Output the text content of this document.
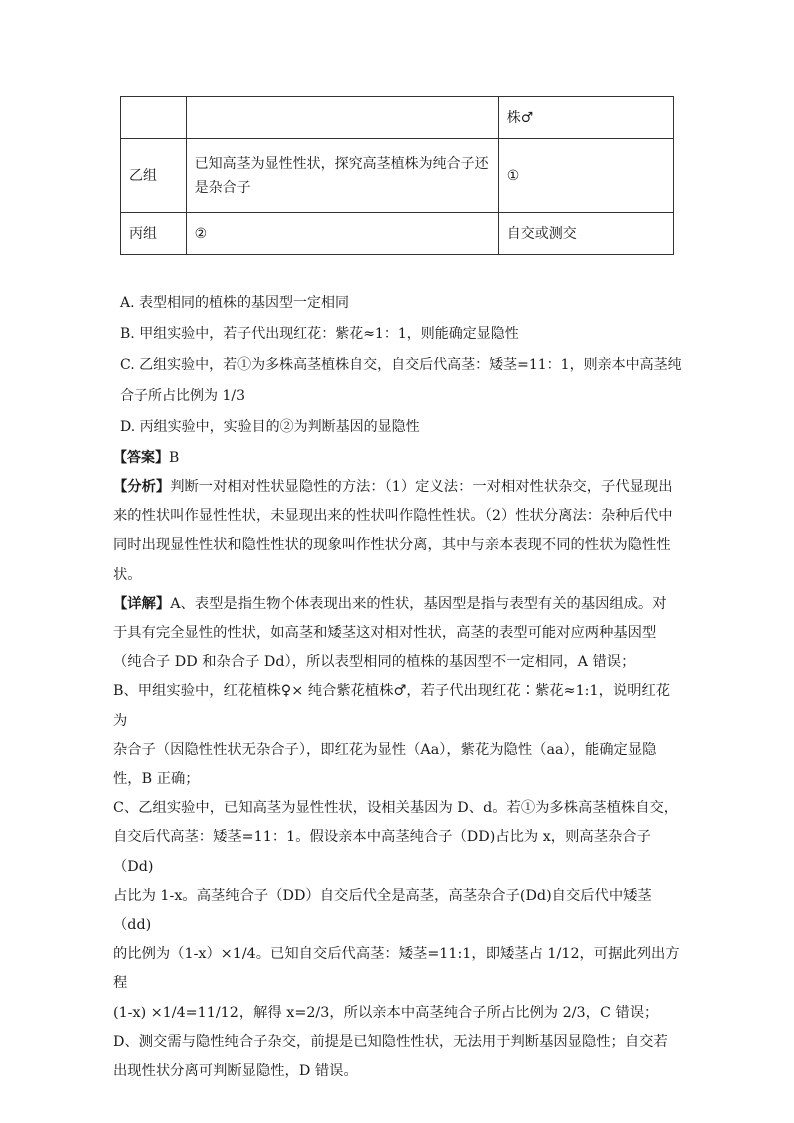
		株♂
乙组	已知高茎为显性性状，探究高茎植株为纯合子还是杂合子	①
丙组	②	自交或测交
A. 表型相同的植株的基因型一定相同
B. 甲组实验中，若子代出现红花：紫花≈1：1，则能确定显隐性
C. 乙组实验中，若①为多株高茎植株自交，自交后代高茎：矮茎=11：1，则亲本中高茎纯
合子所占比例为 1/3
D. 丙组实验中，实验目的②为判断基因的显隐性

【答案】B

【分析】判断一对相对性状显隐性的方法：（1）定义法：一对相对性状杂交，子代显现出

来的性状叫作显性性状，未显现出来的性状叫作隐性性状。（2）性状分离法：杂种后代中

同时出现显性性状和隐性性状的现象叫作性状分离，其中与亲本表现不同的性状为隐性性

状。

【详解】A、表型是指生物个体表现出来的性状，基因型是指与表型有关的基因组成。对

于具有完全显性的性状，如高茎和矮茎这对相对性状，高茎的表型可能对应两种基因型

（纯合子 DD 和杂合子 Dd），所以表型相同的植株的基因型不一定相同，A 错误；

B、甲组实验中，红花植株♀× 纯合紫花植株♂，若子代出现红花∶紫花≈1:1，说明红花为

杂合子（因隐性性状无杂合子），即红花为显性（Aa），紫花为隐性（aa），能确定显隐

性，B 正确；

C、乙组实验中，已知高茎为显性性状，设相关基因为 D、d。若①为多株高茎植株自交，

自交后代高茎：矮茎=11：1。假设亲本中高茎纯合子（DD)占比为 x，则高茎杂合子（Dd)

占比为 1-x。高茎纯合子（DD）自交后代全是高茎，高茎杂合子(Dd)自交后代中矮茎（dd)

的比例为（1-x）×1/4。已知自交后代高茎：矮茎=11:1，即矮茎占 1/12，可据此列出方程

(1-x) ×1/4=11/12，解得 x=2/3，所以亲本中高茎纯合子所占比例为 2/3，C 错误；

D、测交需与隐性纯合子杂交，前提是已知隐性性状，无法用于判断基因显隐性；自交若

出现性状分离可判断显隐性，D 错误。
